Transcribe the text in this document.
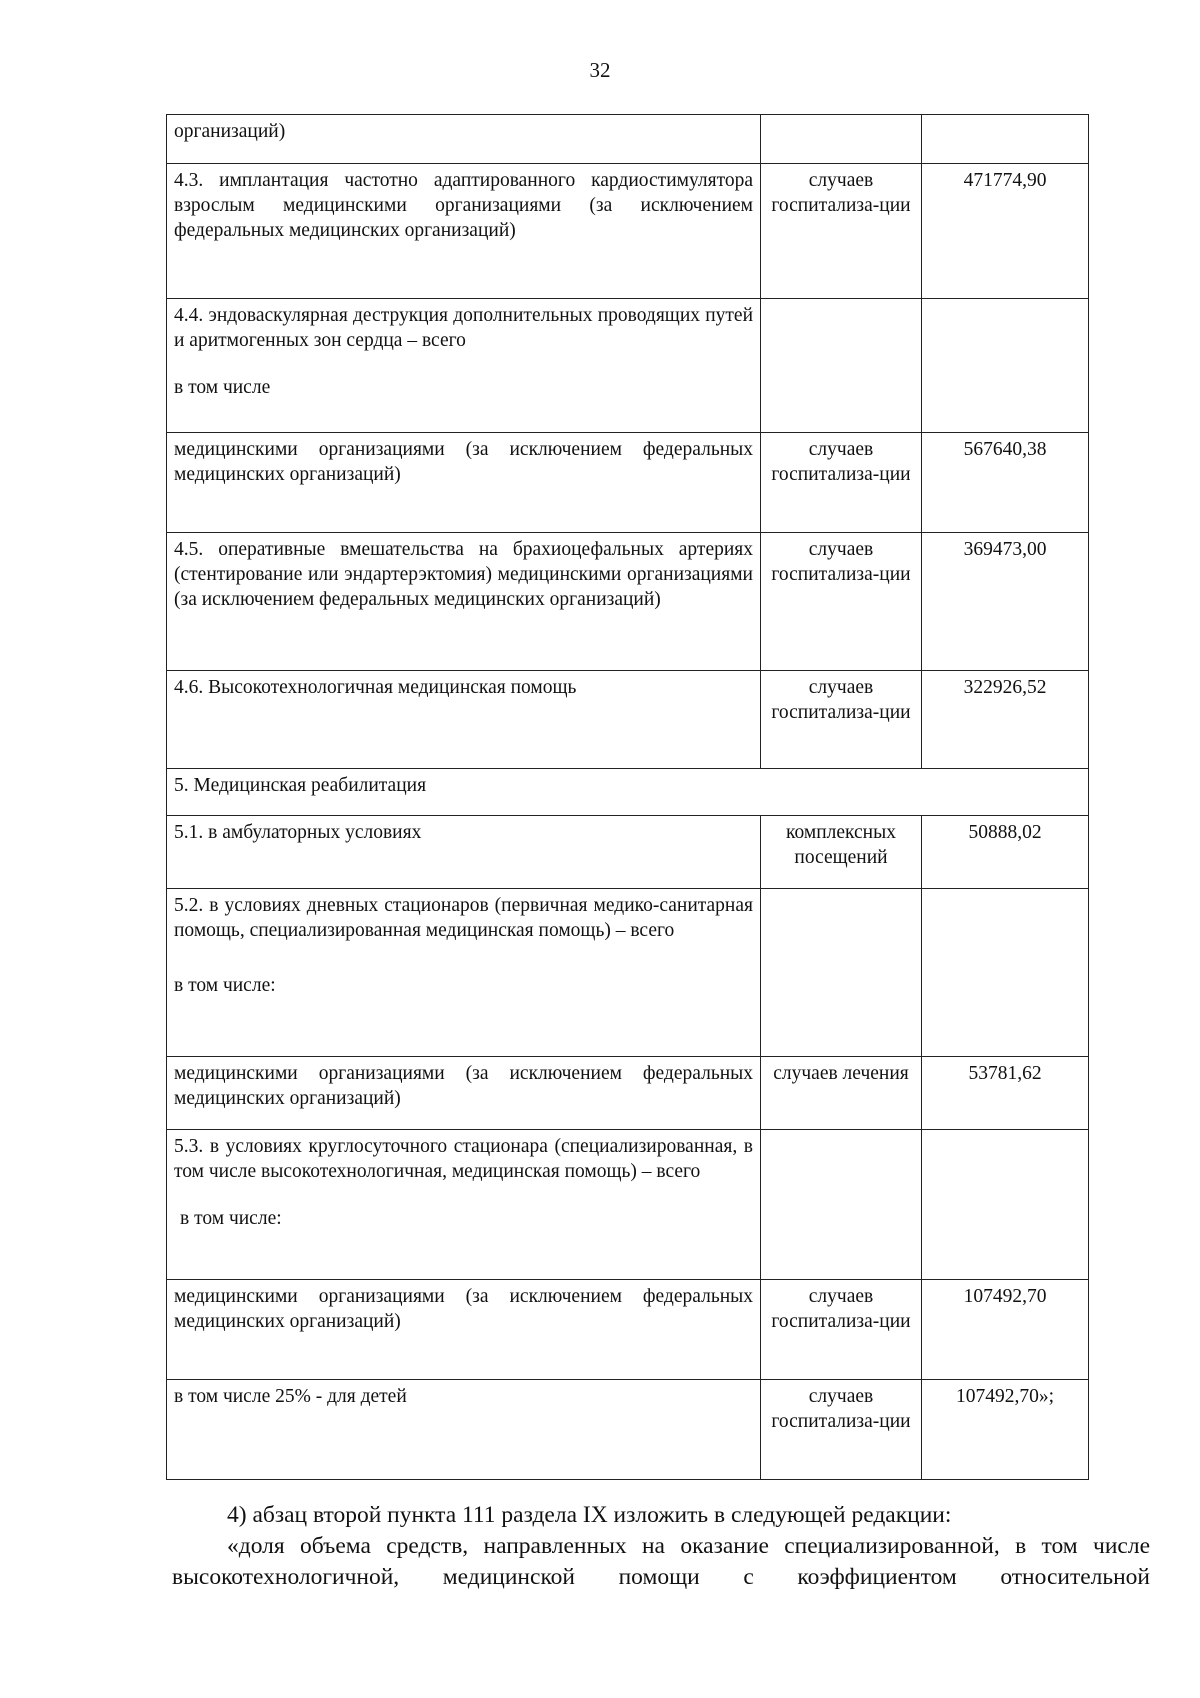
32
организаций)		
4.3. имплантация частотно адаптированного кардиостимулятора взрослым медицинскими организациями (за исключением федеральных медицинских организаций)	случаев госпитализа-ции	471774,90

4.4. эндоваскулярная деструкция дополнительных проводящих путей и аритмогенных зон сердца – всего
в том числе		

медицинскими организациями (за исключением федеральных медицинских организаций)	случаев госпитализа-ции	567640,38
4.5. оперативные вмешательства на брахиоцефальных артериях (стентирование или эндартерэктомия) медицинскими организациями (за исключением федеральных медицинских организаций)	случаев госпитализа-ции	369473,00
4.6. Высокотехнологичная медицинская помощь	случаев госпитализа-ции	322926,52
5. Медицинская реабилитация		
5.1. в амбулаторных условиях	комплексных посещений	50888,02

5.2. в условиях дневных стационаров (первичная медико-санитарная помощь, специализированная медицинская помощь) – всего
в том числе:		

медицинскими организациями (за исключением федеральных медицинских организаций)	случаев лечения	53781,62

5.3. в условиях круглосуточного стационара (специализированная, в том числе высокотехнологичная, медицинская помощь) – всего
в том числе:		

медицинскими организациями (за исключением федеральных медицинских организаций)	случаев госпитализа-ции	107492,70
в том числе 25% - для детей	случаев госпитализа-ции	107492,70»;

4) абзац второй пункта 111 раздела IX изложить в следующей редакции:

«доля объема средств, направленных на оказание специализированной, в том числе высокотехнологичной, медицинской помощи с коэффициентом относительной
